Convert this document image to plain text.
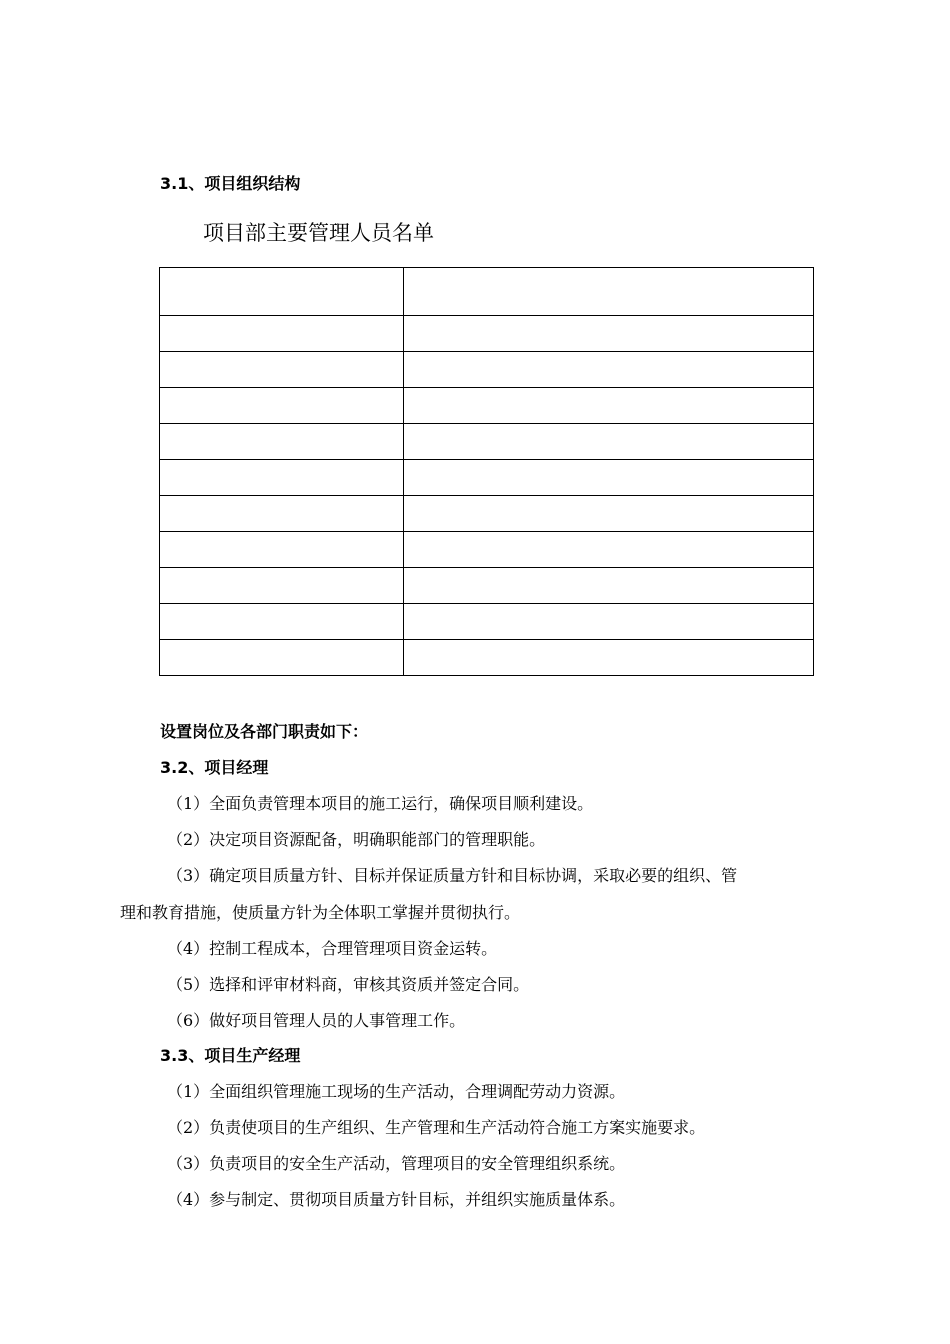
3.1、项目组织结构
项目部主要管理人员名单

设置岗位及各部门职责如下：
3.2、项目经理
（1）全面负责管理本项目的施工运行，确保项目顺利建设。
（2）决定项目资源配备，明确职能部门的管理职能。
（3）确定项目质量方针、目标并保证质量方针和目标协调，采取必要的组织、管
理和教育措施，使质量方针为全体职工掌握并贯彻执行。
（4）控制工程成本，合理管理项目资金运转。
（5）选择和评审材料商，审核其资质并签定合同。
（6）做好项目管理人员的人事管理工作。
3.3、项目生产经理
（1）全面组织管理施工现场的生产活动，合理调配劳动力资源。
（2）负责使项目的生产组织、生产管理和生产活动符合施工方案实施要求。
（3）负责项目的安全生产活动，管理项目的安全管理组织系统。
（4）参与制定、贯彻项目质量方针目标，并组织实施质量体系。
